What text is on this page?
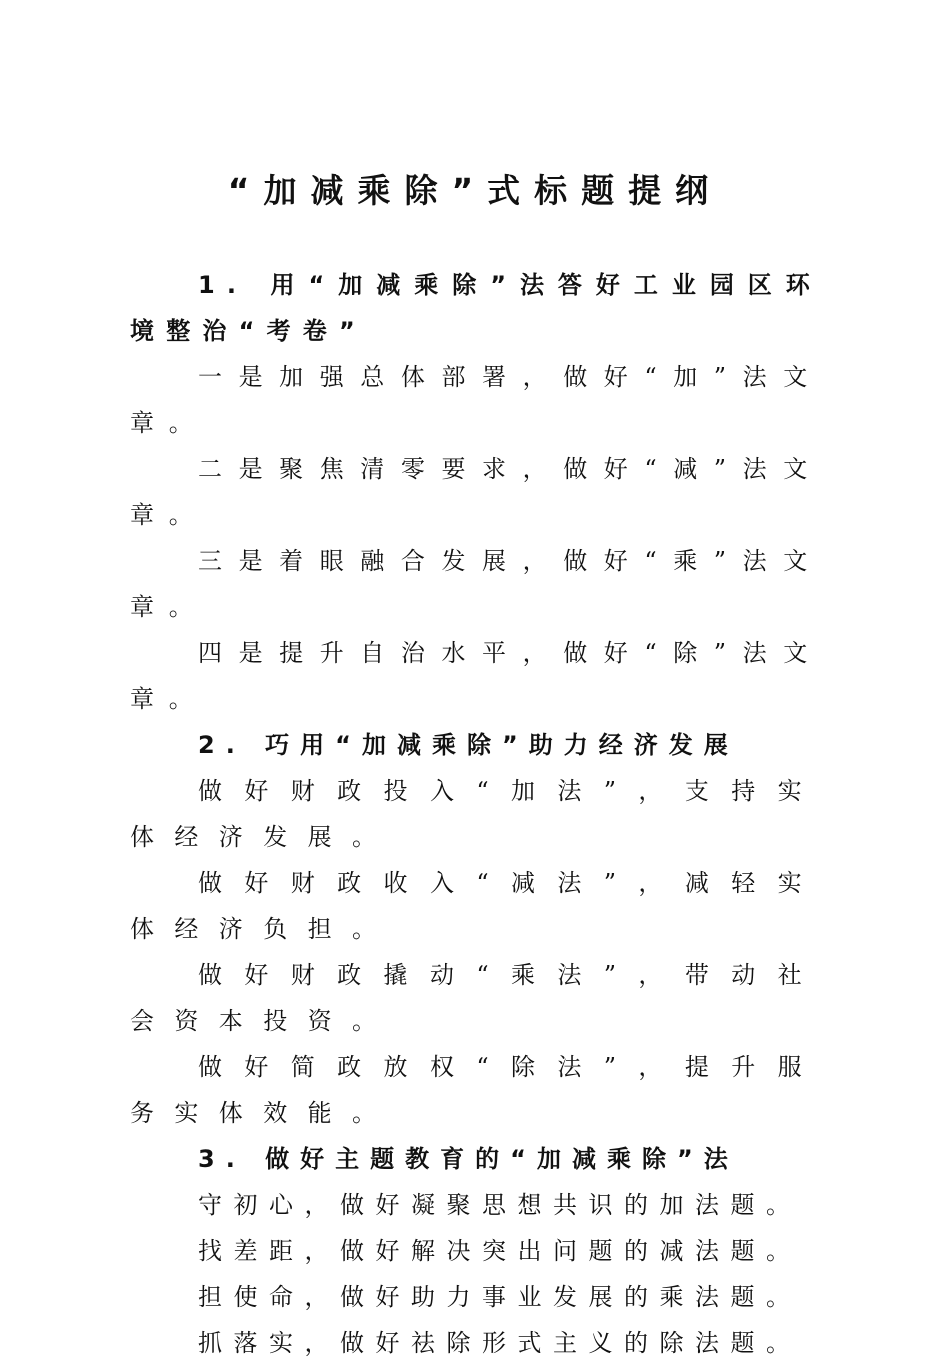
“加减乘除”式标题提纲

1. 用“加减乘除”法答好工业园区环境整治“考卷”

一是加强总体部署，做好“加”法文章。

二是聚焦清零要求，做好“减”法文章。

三是着眼融合发展，做好“乘”法文章。

四是提升自治水平，做好“除”法文章。

2. 巧用“加减乘除”助力经济发展

做好财政投入“加法”，支持实体经济发展。

做好财政收入“减法”，减轻实体经济负担。

做好财政撬动“乘法”，带动社会资本投资。

做好简政放权“除法”，提升服务实体效能。

3. 做好主题教育的“加减乘除”法

守初心，做好凝聚思想共识的加法题。

找差距，做好解决突出问题的减法题。

担使命，做好助力事业发展的乘法题。

抓落实，做好祛除形式主义的除法题。
